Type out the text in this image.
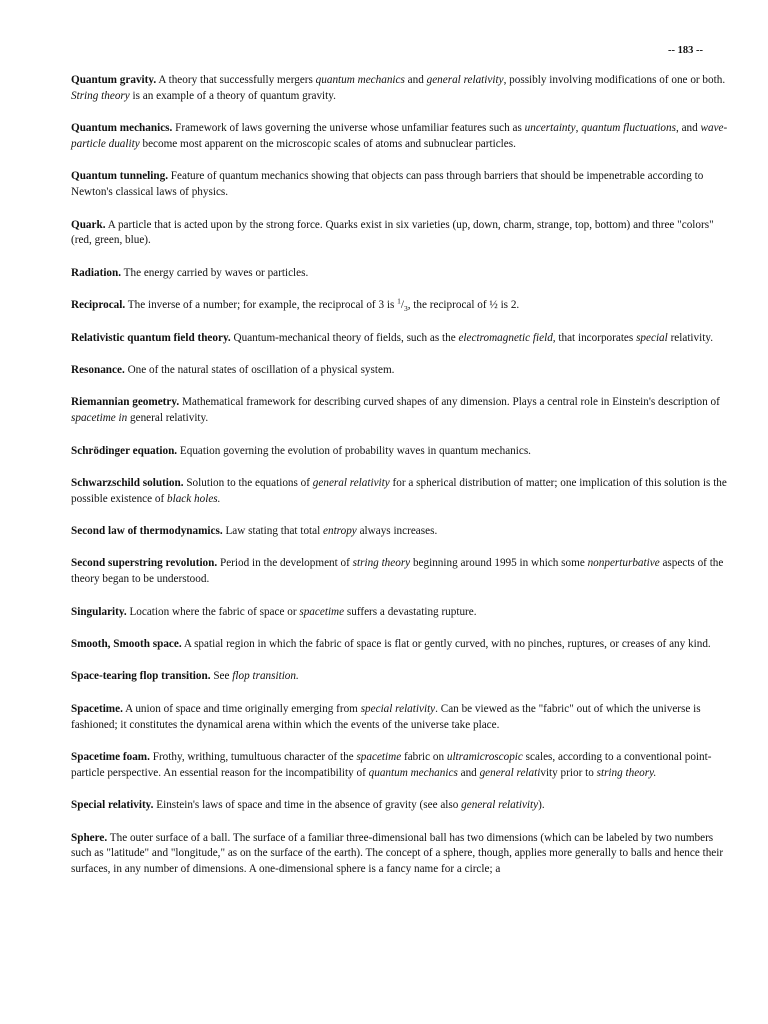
-- 183 --

Quantum gravity. A theory that successfully mergers quantum mechanics and general relativity, possibly involving modifications of one or both. String theory is an example of a theory of quantum gravity.

Quantum mechanics. Framework of laws governing the universe whose unfamiliar features such as uncertainty, quantum fluctuations, and wave-particle duality become most apparent on the microscopic scales of atoms and subnuclear particles.

Quantum tunneling. Feature of quantum mechanics showing that objects can pass through barriers that should be impenetrable according to Newton's classical laws of physics.

Quark. A particle that is acted upon by the strong force. Quarks exist in six varieties (up, down, charm, strange, top, bottom) and three "colors" (red, green, blue).

Radiation. The energy carried by waves or particles.

Reciprocal. The inverse of a number; for example, the reciprocal of 3 is $^1/_3$, the reciprocal of ½ is 2.

Relativistic quantum field theory. Quantum-mechanical theory of fields, such as the electromagnetic field, that incorporates special relativity.

Resonance. One of the natural states of oscillation of a physical system.

Riemannian geometry. Mathematical framework for describing curved shapes of any dimension. Plays a central role in Einstein's description of spacetime in general relativity.

Schrödinger equation. Equation governing the evolution of probability waves in quantum mechanics.

Schwarzschild solution. Solution to the equations of general relativity for a spherical distribution of matter; one implication of this solution is the possible existence of black holes.

Second law of thermodynamics. Law stating that total entropy always increases.

Second superstring revolution. Period in the development of string theory beginning around 1995 in which some nonperturbative aspects of the theory began to be understood.

Singularity. Location where the fabric of space or spacetime suffers a devastating rupture.

Smooth, Smooth space. A spatial region in which the fabric of space is flat or gently curved, with no pinches, ruptures, or creases of any kind.

Space-tearing flop transition. See flop transition.

Spacetime. A union of space and time originally emerging from special relativity. Can be viewed as the "fabric" out of which the universe is fashioned; it constitutes the dynamical arena within which the events of the universe take place.

Spacetime foam. Frothy, writhing, tumultuous character of the spacetime fabric on ultramicroscopic scales, according to a conventional point-particle perspective. An essential reason for the incompatibility of quantum mechanics and general relativity prior to string theory.

Special relativity. Einstein's laws of space and time in the absence of gravity (see also general relativity).

Sphere. The outer surface of a ball. The surface of a familiar three-dimensional ball has two dimensions (which can be labeled by two numbers such as "latitude" and "longitude," as on the surface of the earth). The concept of a sphere, though, applies more generally to balls and hence their surfaces, in any number of dimensions. A one-dimensional sphere is a fancy name for a circle; a
